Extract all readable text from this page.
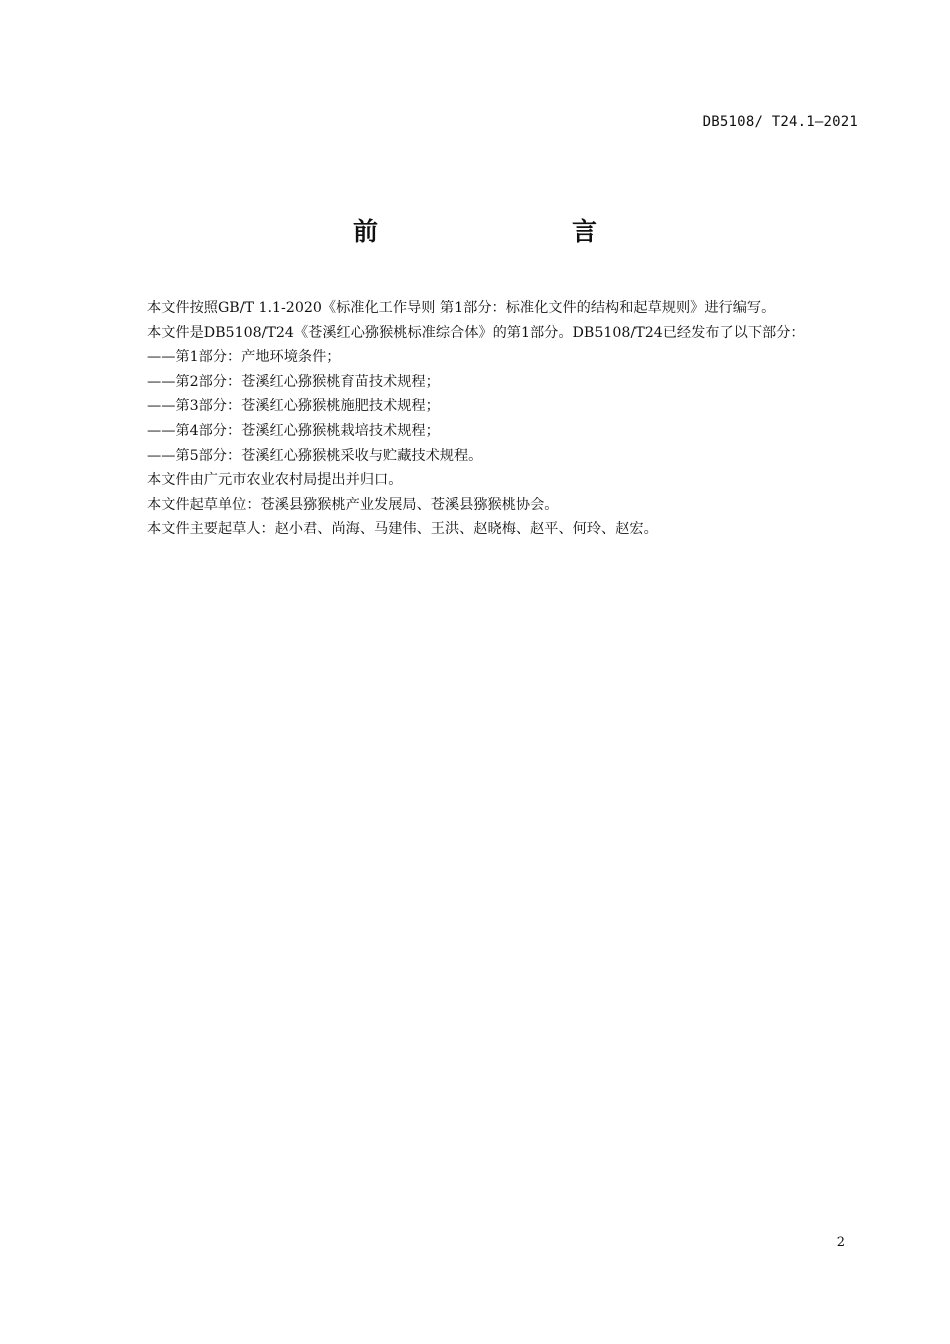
DB5108/ T24.1—2021
前　　言
本文件按照GB/T 1.1-2020《标准化工作导则 第1部分：标准化文件的结构和起草规则》进行编写。
本文件是DB5108/T24《苍溪红心猕猴桃标准综合体》的第1部分。DB5108/T24已经发布了以下部分：
——第1部分：产地环境条件；
——第2部分：苍溪红心猕猴桃育苗技术规程；
——第3部分：苍溪红心猕猴桃施肥技术规程；
——第4部分：苍溪红心猕猴桃栽培技术规程；
——第5部分：苍溪红心猕猴桃采收与贮藏技术规程。
本文件由广元市农业农村局提出并归口。
本文件起草单位：苍溪县猕猴桃产业发展局、苍溪县猕猴桃协会。
本文件主要起草人：赵小君、尚海、马建伟、王洪、赵晓梅、赵平、何玲、赵宏。
2
